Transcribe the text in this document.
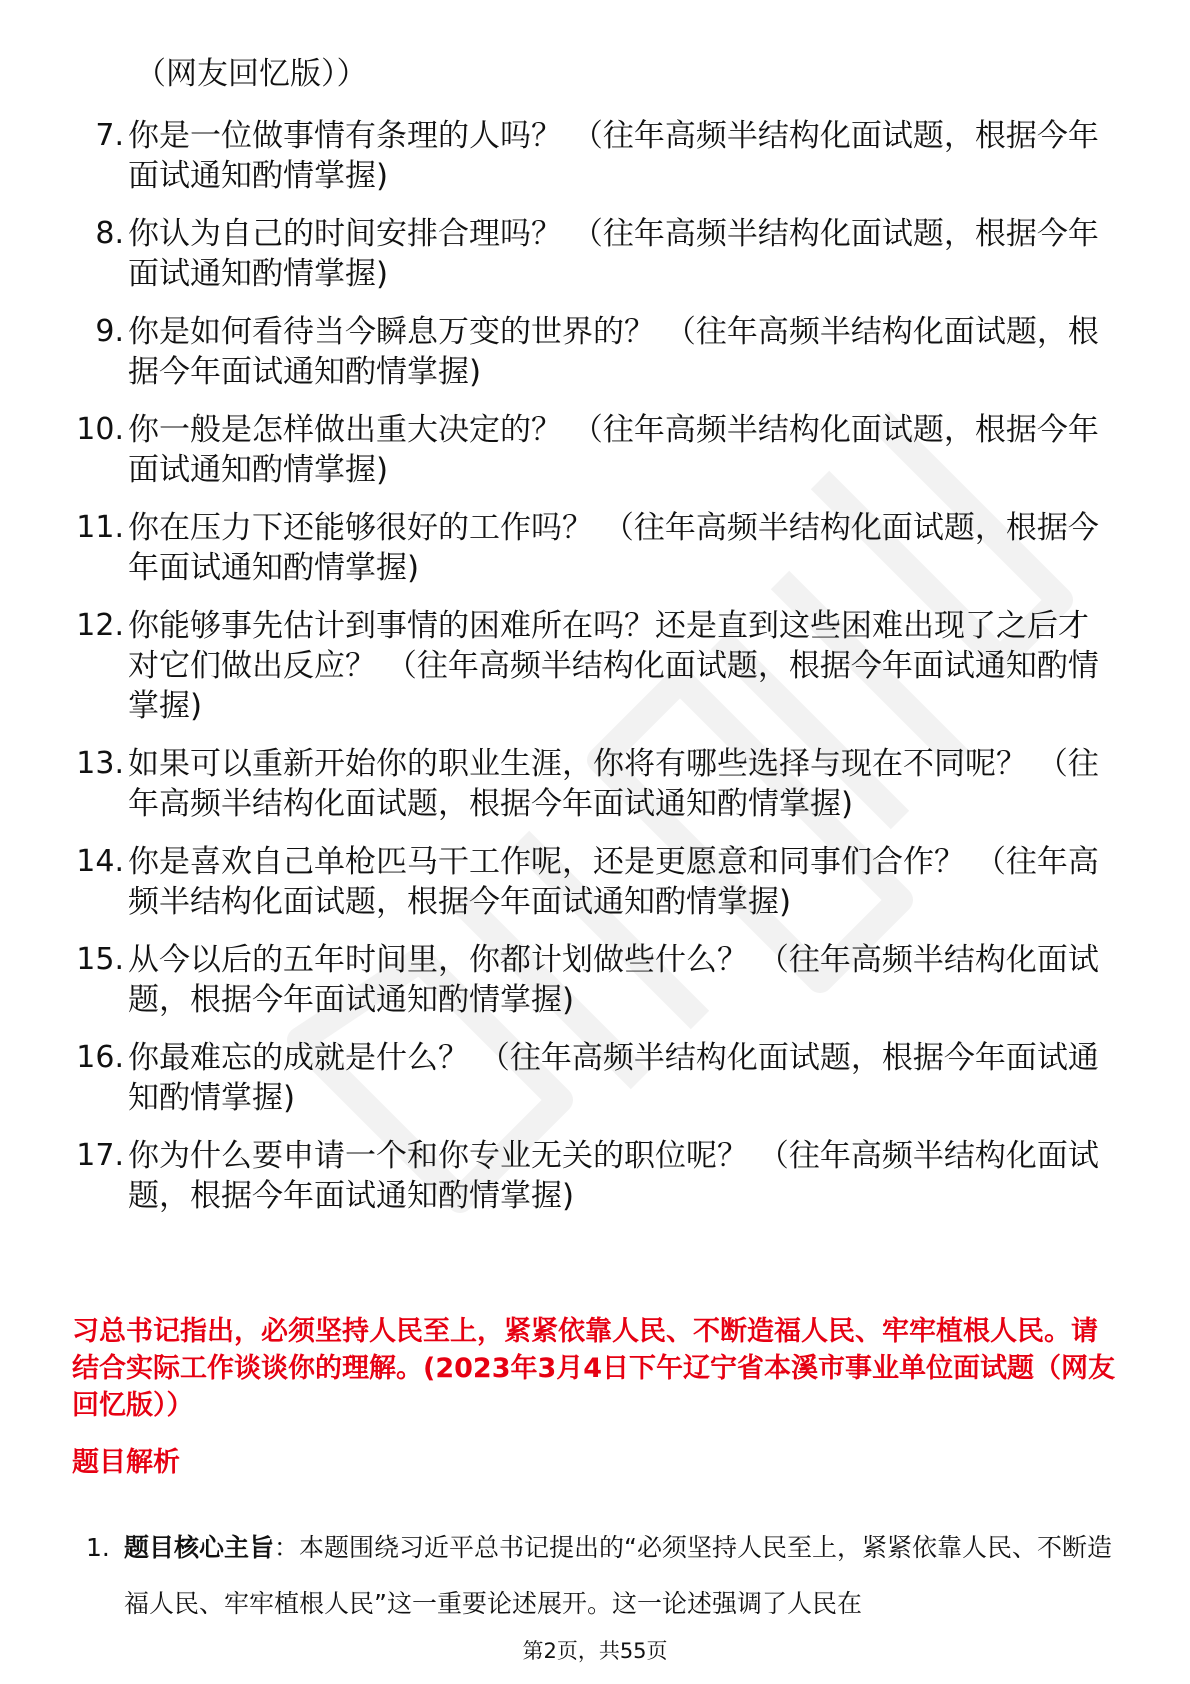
（网友回忆版））
7. 你是一位做事情有条理的人吗？ （往年高频半结构化面试题，根据今年面试通知酌情掌握)
8. 你认为自己的时间安排合理吗？ （往年高频半结构化面试题，根据今年面试通知酌情掌握)
9. 你是如何看待当今瞬息万变的世界的？ （往年高频半结构化面试题，根据今年面试通知酌情掌握)
10. 你一般是怎样做出重大决定的？ （往年高频半结构化面试题，根据今年面试通知酌情掌握)
11. 你在压力下还能够很好的工作吗？ （往年高频半结构化面试题，根据今年面试通知酌情掌握)
12. 你能够事先估计到事情的困难所在吗？还是直到这些困难出现了之后才对它们做出反应？ （往年高频半结构化面试题，根据今年面试通知酌情掌握)
13. 如果可以重新开始你的职业生涯，你将有哪些选择与现在不同呢？ （往年高频半结构化面试题，根据今年面试通知酌情掌握)
14. 你是喜欢自己单枪匹马干工作呢，还是更愿意和同事们合作？ （往年高频半结构化面试题，根据今年面试通知酌情掌握)
15. 从今以后的五年时间里，你都计划做些什么？ （往年高频半结构化面试题，根据今年面试通知酌情掌握)
16. 你最难忘的成就是什么？ （往年高频半结构化面试题，根据今年面试通知酌情掌握)
17. 你为什么要申请一个和你专业无关的职位呢？ （往年高频半结构化面试题，根据今年面试通知酌情掌握)
习总书记指出，必须坚持人民至上，紧紧依靠人民、不断造福人民、牢牢植根人民。请结合实际工作谈谈你的理解。(2023年3月4日下午辽宁省本溪市事业单位面试题（网友回忆版））
题目解析
1. 题目核心主旨：本题围绕习近平总书记提出的“必须坚持人民至上，紧紧依靠人民、不断造福人民、牢牢植根人民”这一重要论述展开。这一论述强调了人民在
第2页，共55页
